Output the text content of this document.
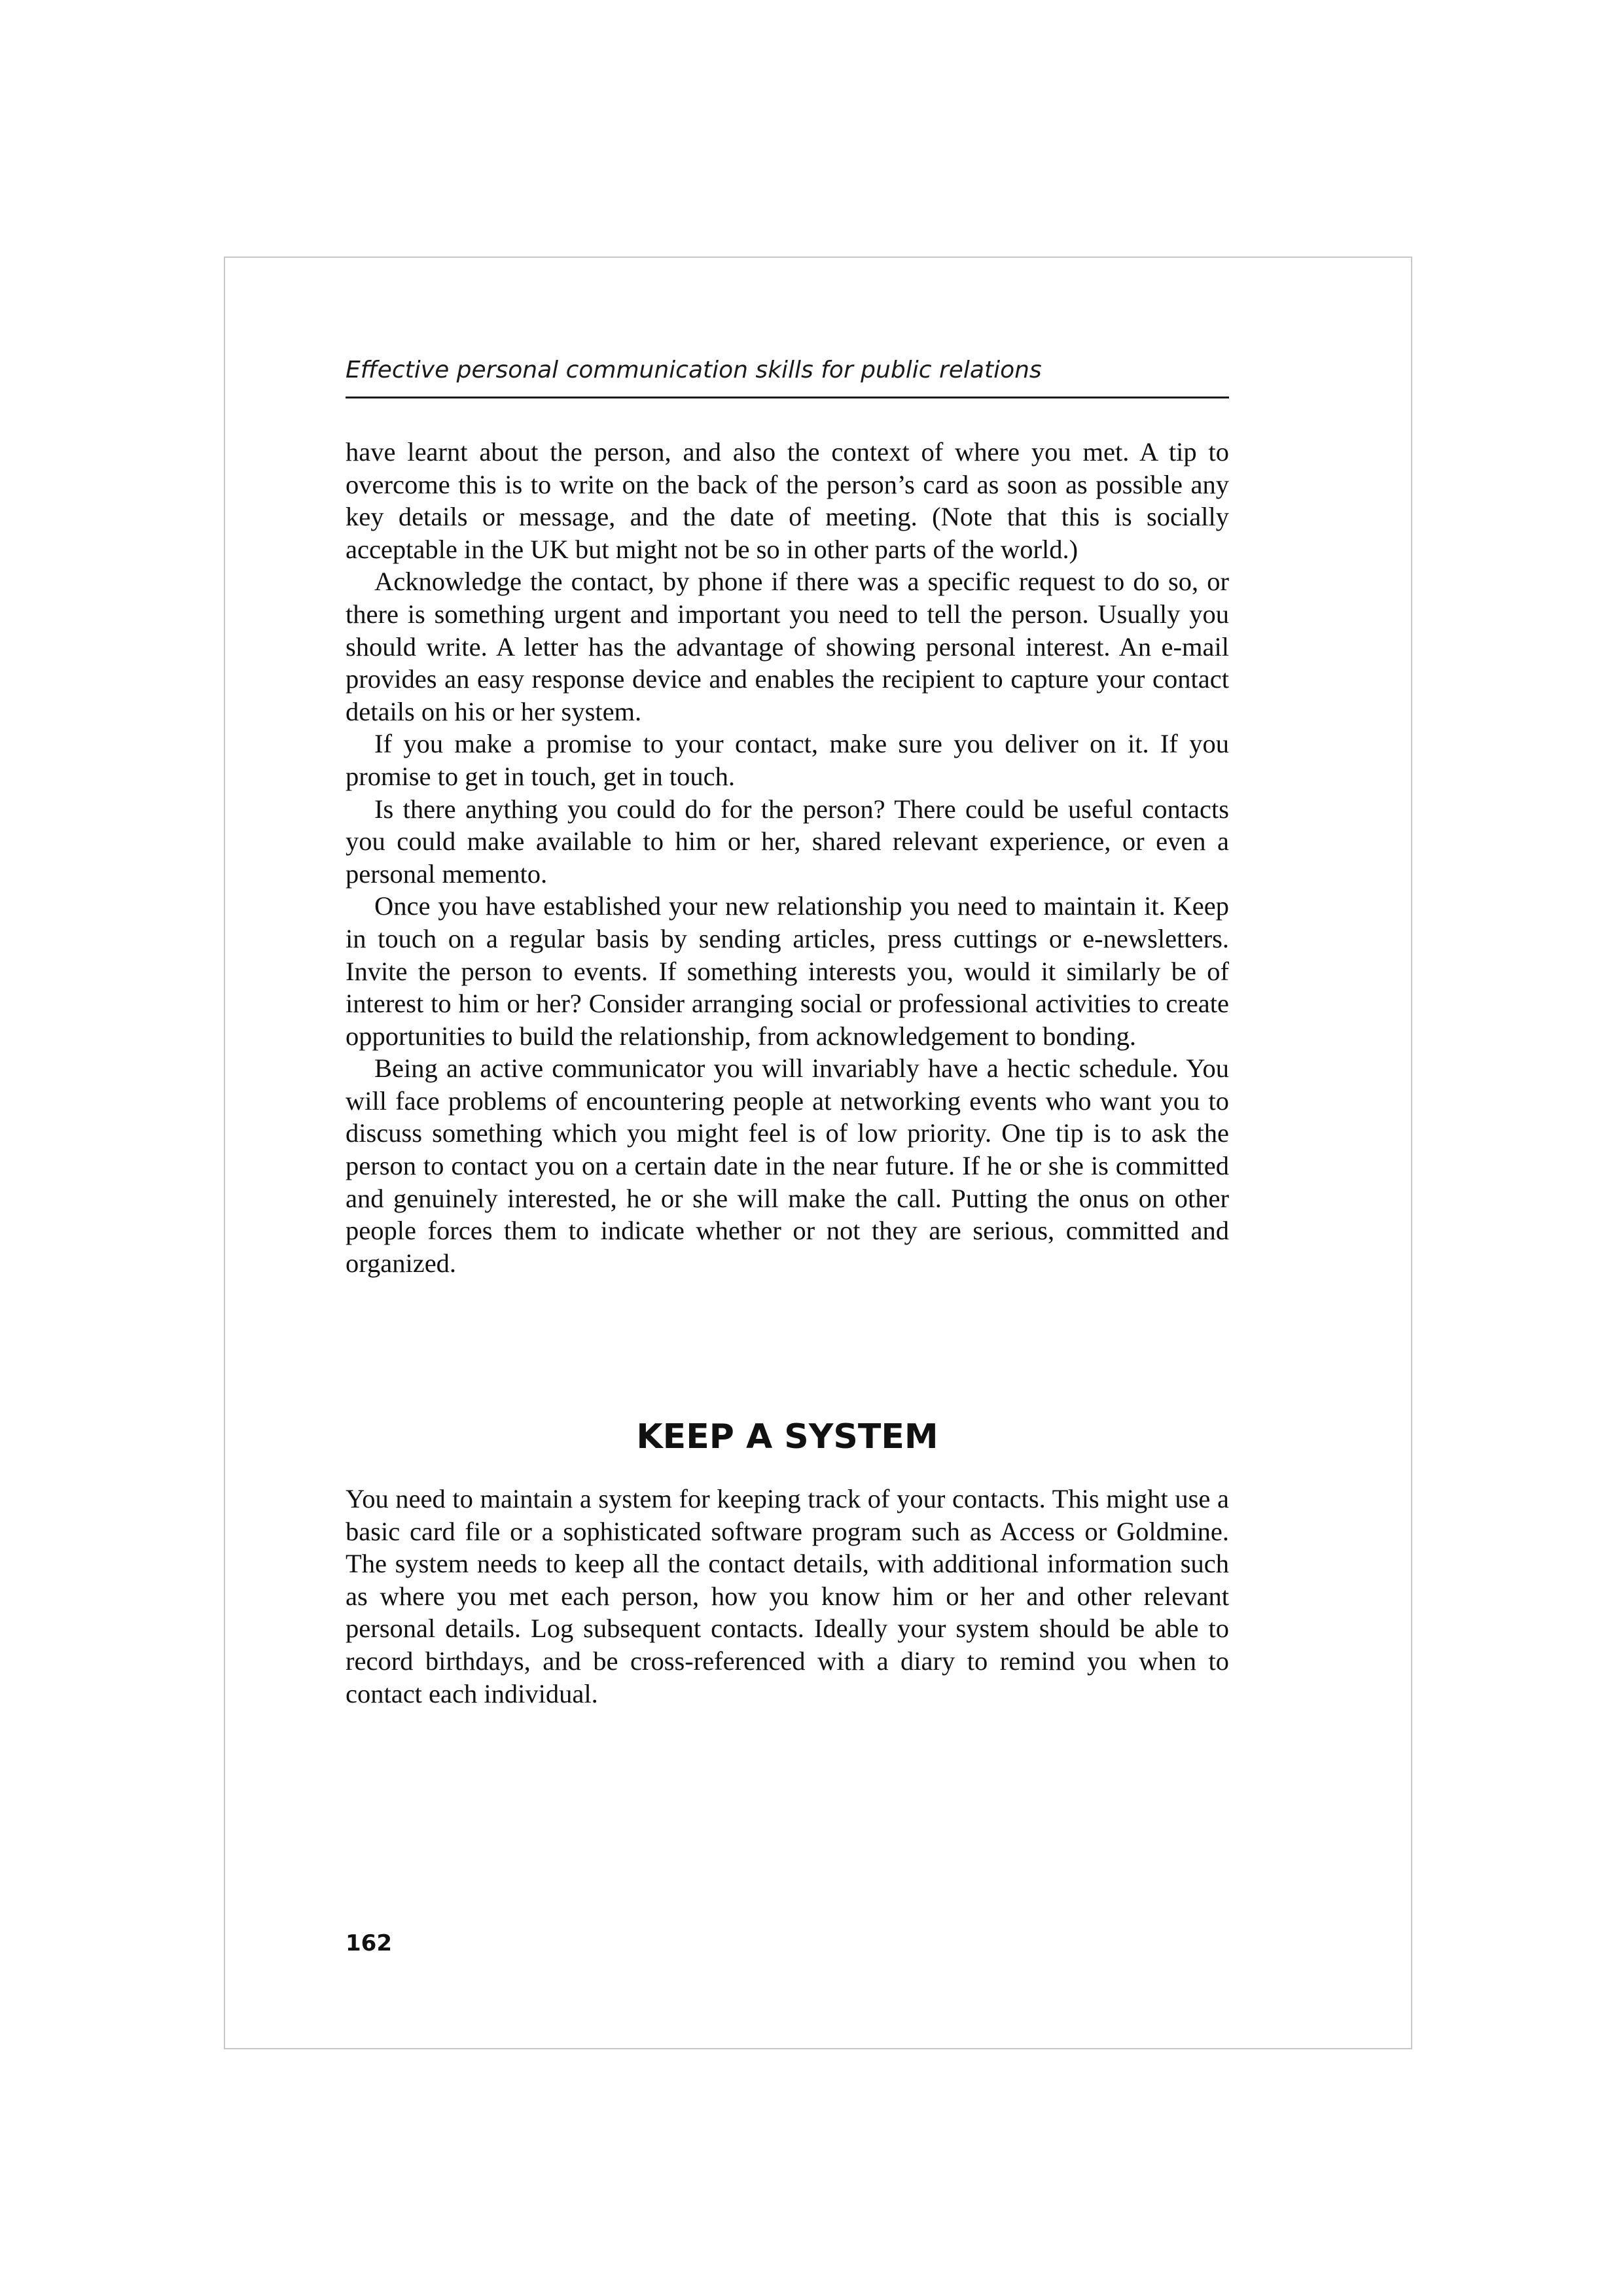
Effective personal communication skills for public relations

have learnt about the person, and also the context of where you met. A tip to overcome this is to write on the back of the person’s card as soon as possible any key details or message, and the date of meeting. (Note that this is socially acceptable in the UK but might not be so in other parts of the world.)

Acknowledge the contact, by phone if there was a specific request to do so, or there is something urgent and important you need to tell the person. Usually you should write. A letter has the advantage of showing personal interest. An e-mail provides an easy response device and enables the recipient to capture your contact details on his or her system.

If you make a promise to your contact, make sure you deliver on it. If you promise to get in touch, get in touch.

Is there anything you could do for the person? There could be useful contacts you could make available to him or her, shared relevant experience, or even a personal memento.

Once you have established your new relationship you need to maintain it. Keep in touch on a regular basis by sending articles, press cuttings or e-newsletters. Invite the person to events. If something interests you, would it similarly be of interest to him or her? Consider arranging social or professional activities to create opportunities to build the relationship, from acknowledgement to bonding.

Being an active communicator you will invariably have a hectic schedule. You will face problems of encountering people at networking events who want you to discuss something which you might feel is of low priority. One tip is to ask the person to contact you on a certain date in the near future. If he or she is committed and genuinely interested, he or she will make the call. Putting the onus on other people forces them to indicate whether or not they are serious, committed and organized.

KEEP A SYSTEM

You need to maintain a system for keeping track of your contacts. This might use a basic card file or a sophisticated software program such as Access or Goldmine. The system needs to keep all the contact details, with additional information such as where you met each person, how you know him or her and other relevant personal details. Log subsequent contacts. Ideally your system should be able to record birthdays, and be cross-referenced with a diary to remind you when to contact each individual.

162
